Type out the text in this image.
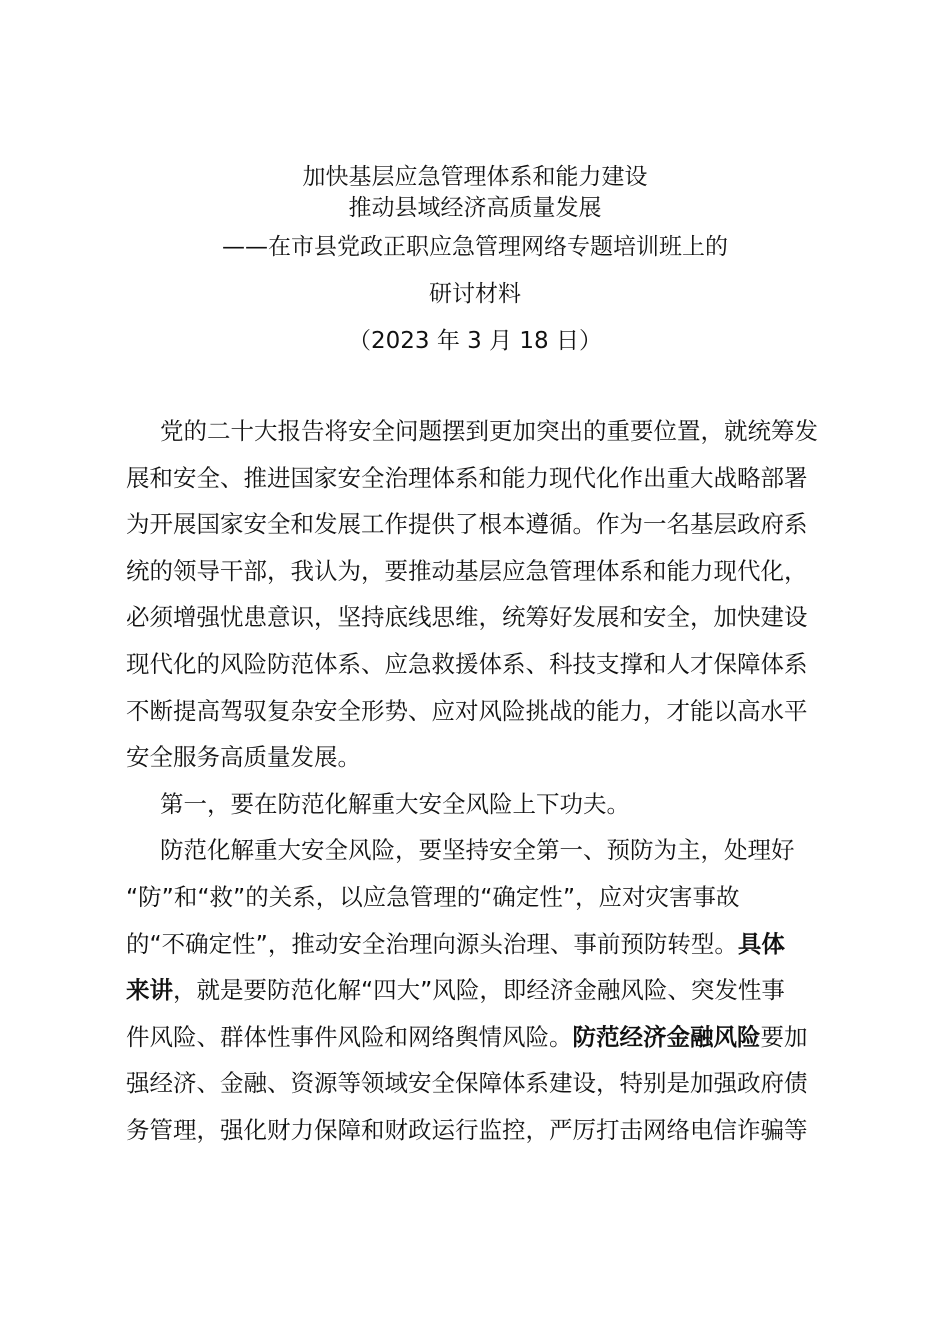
加快基层应急管理体系和能力建设
推动县域经济高质量发展
——在市县党政正职应急管理网络专题培训班上的
研讨材料
（2023 年 3 月 18 日）
党的二十大报告将安全问题摆到更加突出的重要位置，就统筹发
展和安全、推进国家安全治理体系和能力现代化作出重大战略部署
为开展国家安全和发展工作提供了根本遵循。作为一名基层政府系
统的领导干部，我认为，要推动基层应急管理体系和能力现代化，
必须增强忧患意识，坚持底线思维，统筹好发展和安全，加快建设
现代化的风险防范体系、应急救援体系、科技支撑和人才保障体系
不断提高驾驭复杂安全形势、应对风险挑战的能力，才能以高水平
安全服务高质量发展。
第一，要在防范化解重大安全风险上下功夫。
防范化解重大安全风险，要坚持安全第一、预防为主，处理好
“防”和“救”的关系，以应急管理的“确定性”，应对灾害事故
的“不确定性”，推动安全治理向源头治理、事前预防转型。具体
来讲，就是要防范化解“四大”风险，即经济金融风险、突发性事
件风险、群体性事件风险和网络舆情风险。防范经济金融风险要加
强经济、金融、资源等领域安全保障体系建设，特别是加强政府债
务管理，强化财力保障和财政运行监控，严厉打击网络电信诈骗等
